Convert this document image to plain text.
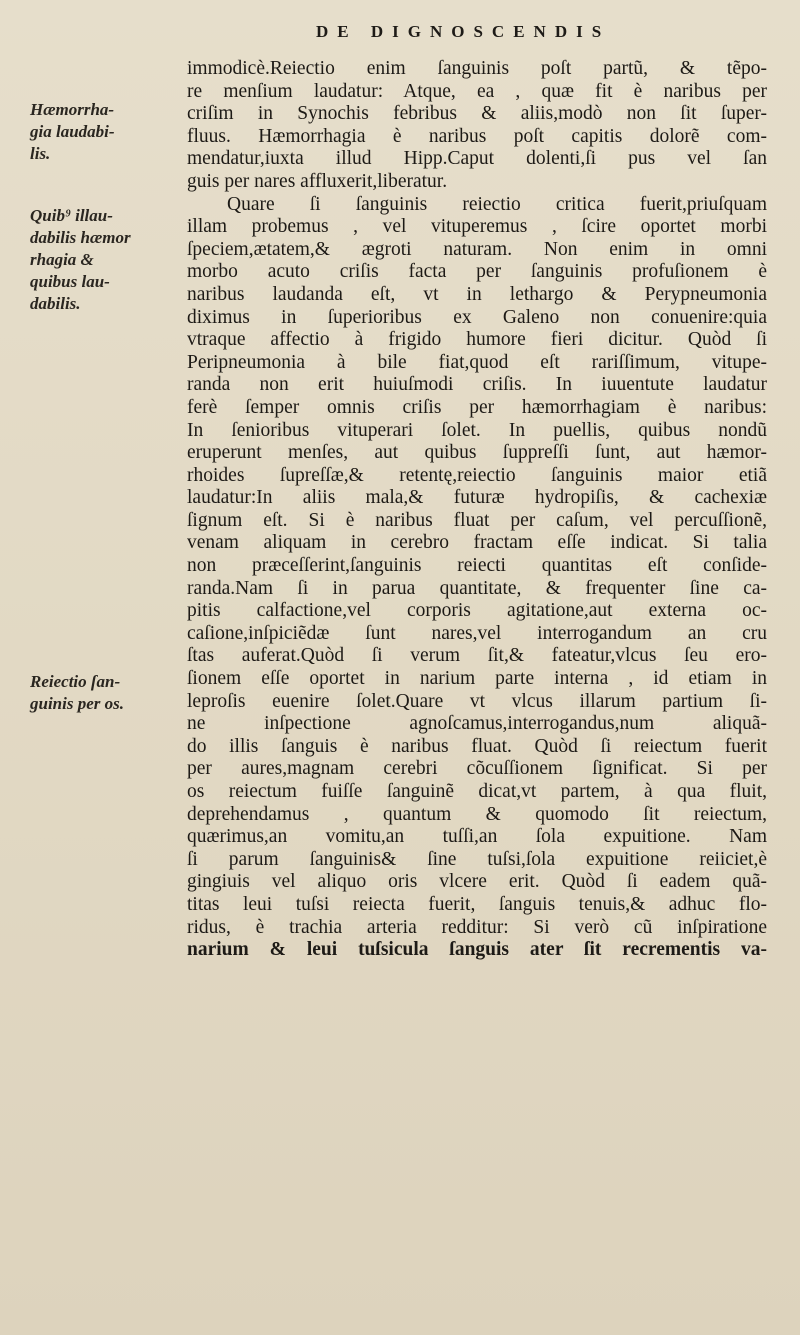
DE DIGNOSCENDIS
Hæmorrha-
gia laudabi-
lis.
Quib⁹ illau-
dabilis hæmor
rhagia &
quibus lau-
dabilis.
Reiectio ſan-
guinis per os.
immodicè.Reiectio enim ſanguinis poſt partũ, & tẽpo-
re menſium laudatur: Atque, ea , quæ fit è naribus per
criſim in Synochis febribus & aliis,modò non ſit ſuper-
fluus. Hæmorrhagia è naribus poſt capitis dolorẽ com-
mendatur,iuxta illud Hipp.Caput dolenti,ſi pus vel ſan
guis per nares affluxerit,liberatur.
Quare ſi ſanguinis reiectio critica fuerit,priuſquam
illam probemus , vel vituperemus , ſcire oportet morbi
ſpeciem,ætatem,& ægroti naturam. Non enim in omni
morbo acuto criſis facta per ſanguinis profuſionem è
naribus laudanda eſt, vt in lethargo & Perypneumonia
diximus in ſuperioribus ex Galeno non conuenire:quia
vtraque affectio à frigido humore fieri dicitur. Quòd ſi
Peripneumonia à bile fiat,quod eſt rariſſimum, vitupe-
randa non erit huiuſmodi criſis. In iuuentute laudatur
ferè ſemper omnis criſis per hæmorrhagiam è naribus:
In ſenioribus vituperari ſolet. In puellis, quibus nondũ
eruperunt menſes, aut quibus ſuppreſſi ſunt, aut hæmor-
rhoides ſupreſſæ,& retentę,reiectio ſanguinis maior etiã
laudatur:In aliis mala,& futuræ hydropiſis, & cachexiæ
ſignum eſt. Si è naribus fluat per caſum, vel percuſſionẽ,
venam aliquam in cerebro fractam eſſe indicat. Si talia
non præceſſerint,ſanguinis reiecti quantitas eſt conſide-
randa.Nam ſi in parua quantitate, & frequenter ſine ca-
pitis calfactione,vel corporis agitatione,aut externa oc-
caſione,inſpiciẽdæ ſunt nares,vel interrogandum an cru
ſtas auferat.Quòd ſi verum ſit,& fateatur,vlcus ſeu ero-
ſionem eſſe oportet in narium parte interna , id etiam in
leproſis euenire ſolet.Quare vt vlcus illarum partium ſi-
ne inſpectione agnoſcamus,interrogandus,num aliquã-
do illis ſanguis è naribus fluat. Quòd ſi reiectum fuerit
per aures,magnam cerebri cõcuſſionem ſignificat. Si per
os reiectum fuiſſe ſanguinẽ dicat,vt partem, à qua fluit,
deprehendamus , quantum & quomodo ſit reiectum,
quærimus,an vomitu,an tuſſi,an ſola expuitione. Nam
ſi parum ſanguinis& ſine tuſsi,ſola expuitione reiiciet,è
gingiuis vel aliquo oris vlcere erit. Quòd ſi eadem quã-
titas leui tuſsi reiecta fuerit, ſanguis tenuis,& adhuc flo-
ridus, è trachia arteria redditur: Si verò cũ inſpiratione
narium & leui tuſsicula ſanguis ater ſit recrementis va-
